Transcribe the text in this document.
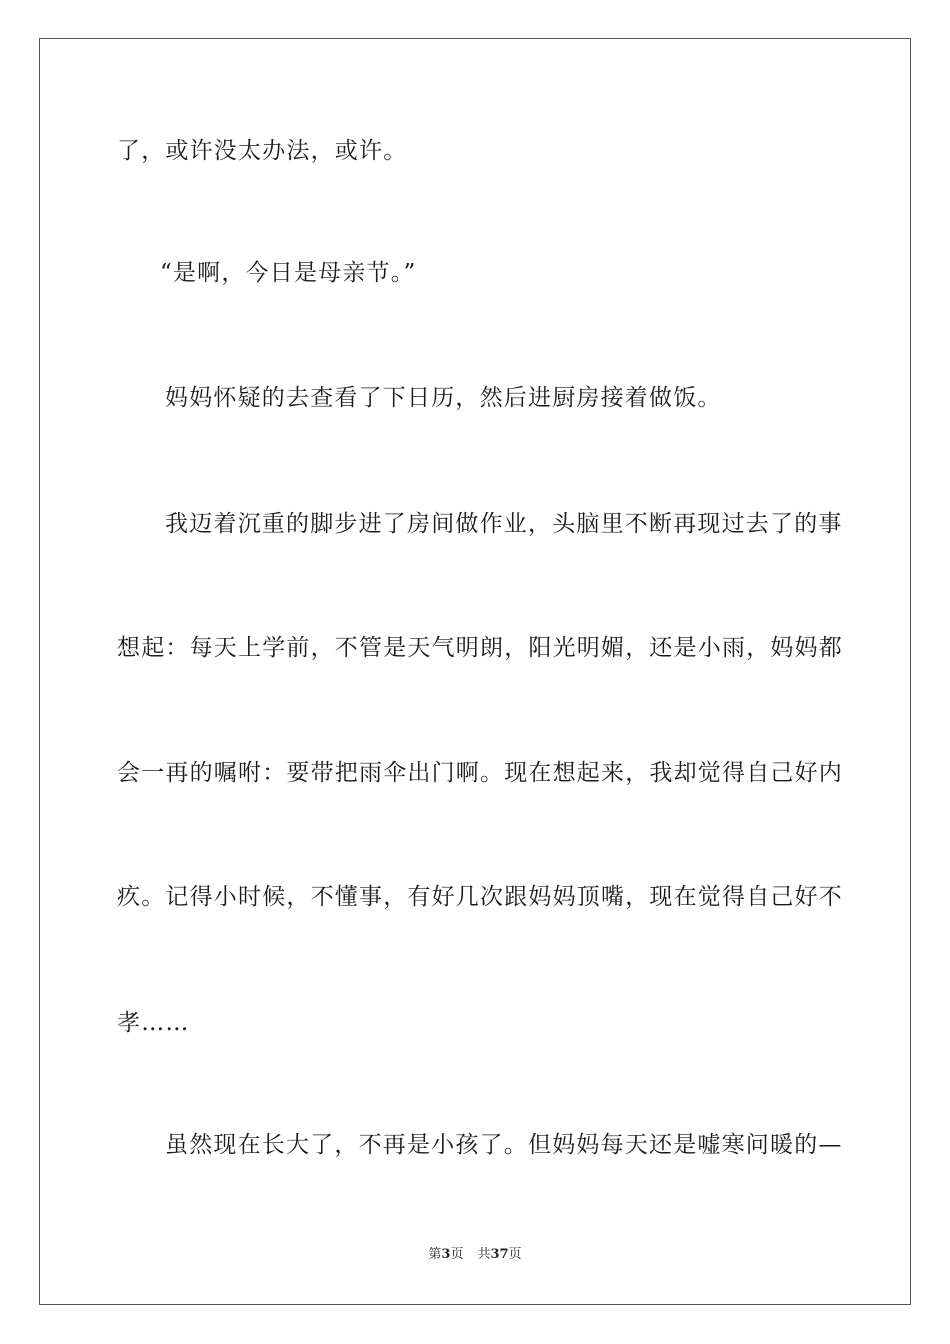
了，或许没太办法，或许。
“是啊，今日是母亲节。”
妈妈怀疑的去查看了下日历，然后进厨房接着做饭。
我迈着沉重的脚步进了房间做作业，头脑里不断再现过去了的事
想起：每天上学前，不管是天气明朗，阳光明媚，还是小雨，妈妈都
会一再的嘱咐：要带把雨伞出门啊。现在想起来，我却觉得自己好内
疚。记得小时候，不懂事，有好几次跟妈妈顶嘴，现在觉得自己好不
孝……
虽然现在长大了，不再是小孩了。但妈妈每天还是嘘寒问暖的—
第3页 共37页
